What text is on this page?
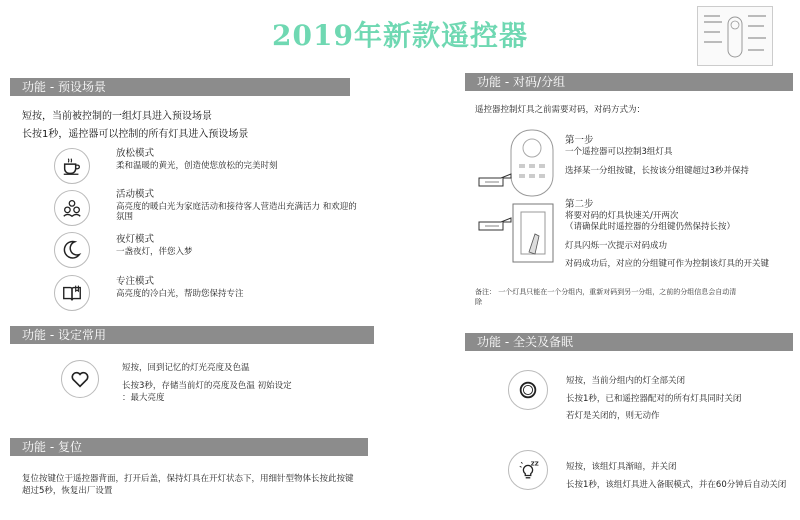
2019年新款遥控器
功能 - 预设场景
短按，当前被控制的一组灯具进入预设场景
长按1秒，遥控器可以控制的所有灯具进入预设场景
放松模式
柔和温暖的黄光，创造使您放松的完美时刻
活动模式
高亮度的暖白光为家庭活动和接待客人营造出充满活力 和欢迎的
氛围
夜灯模式
一盏夜灯，伴您入梦
专注模式
高亮度的冷白光，帮助您保持专注
功能 - 设定常用
短按，回到记忆的灯光亮度及色温
长按3秒，存储当前灯的亮度及色温 初始设定
：最大亮度
功能 - 复位
复位按键位于遥控器背面，打开后盖，保持灯具在开灯状态下，用细针型物体长按此按键
超过5秒，恢复出厂设置
功能 - 对码/分组
遥控器控制灯具之前需要对码，对码方式为：
第一步
一个遥控器可以控制3组灯具
选择某一分组按键，长按该分组键超过3秒并保持
第二步
将要对码的灯具快速关/开两次
（请确保此时遥控器的分组键仍然保持长按）
灯具闪烁一次提示对码成功
对码成功后，对应的分组键可作为控制该灯具的开关键
备注： 一个灯具只能在一个分组内，重新对码到另一分组，之前的分组信息会自动清
除
功能 - 全关及备眠
短按，当前分组内的灯全部关闭
长按1秒，已和遥控器配对的所有灯具同时关闭
若灯是关闭的，则无动作
ZZ	短按，该组灯具渐暗，并关闭
长按1秒，该组灯具进入备眠模式，并在60分钟后自动关闭
